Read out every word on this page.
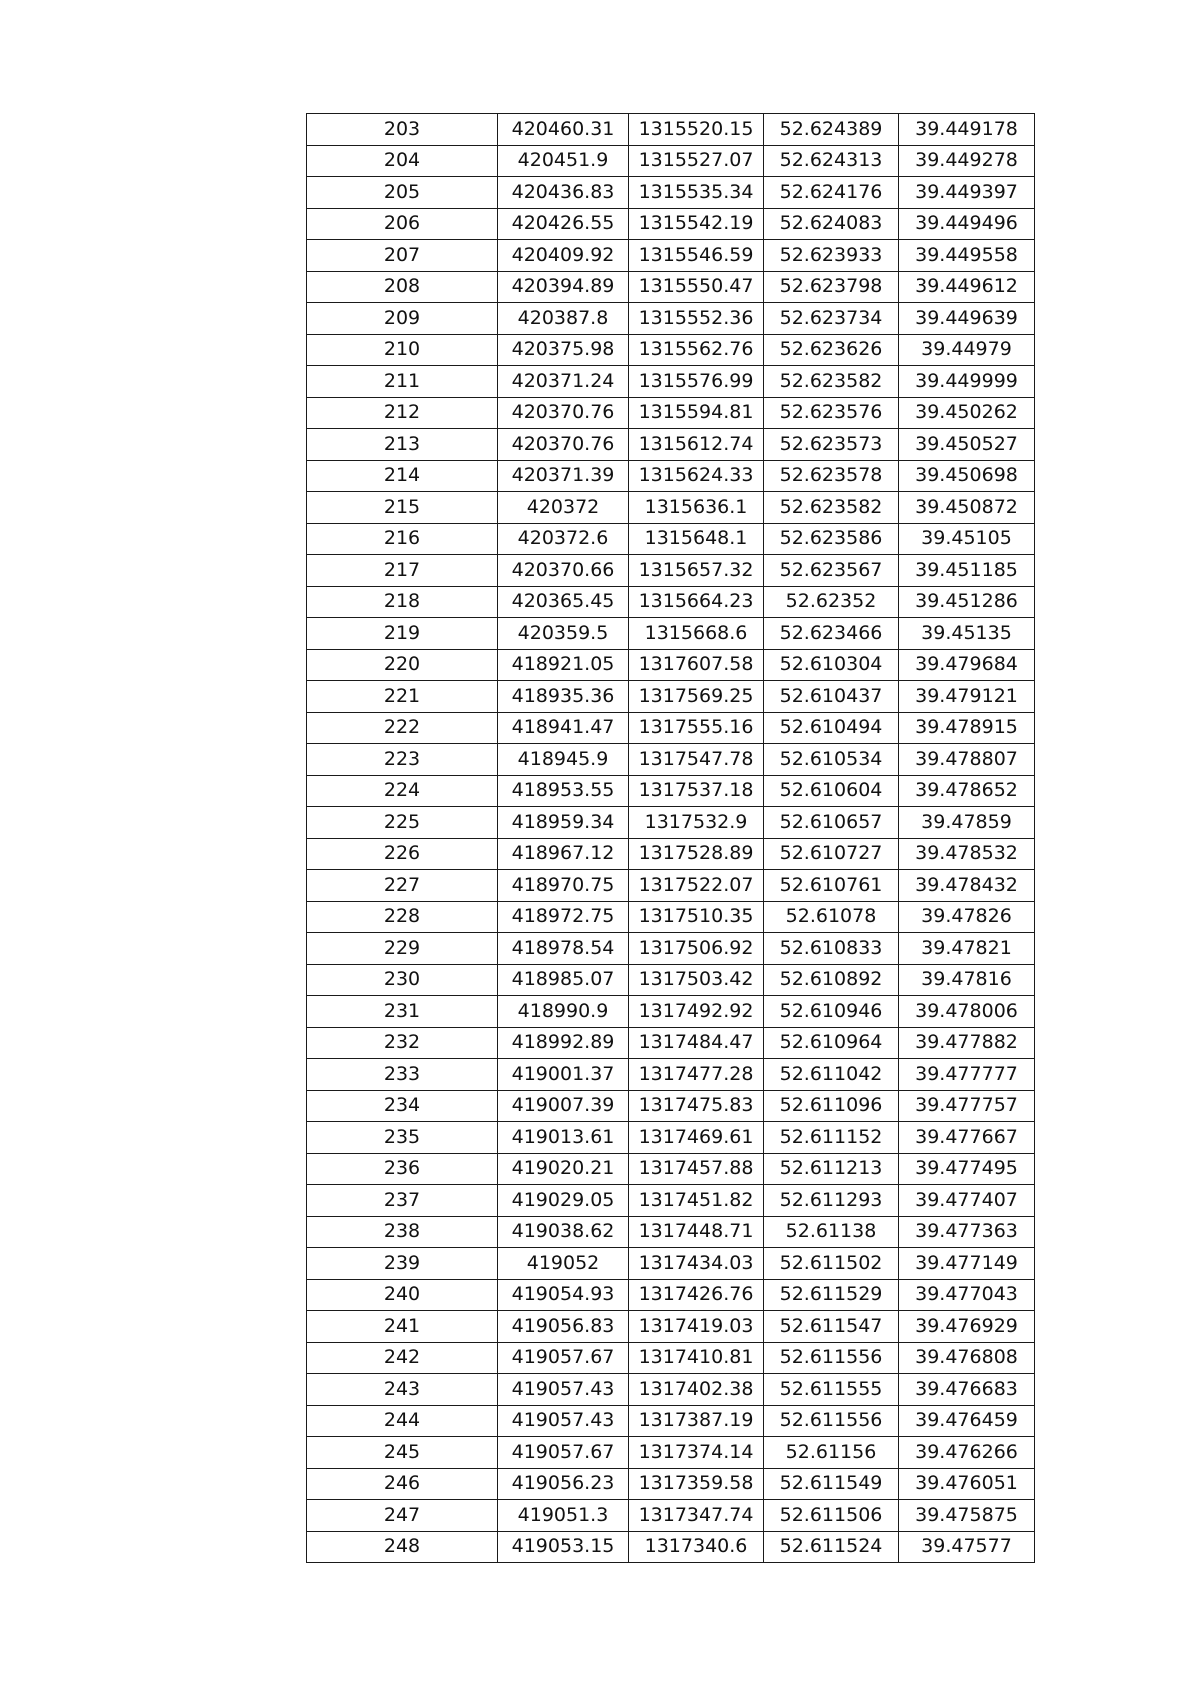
203	420460.31	1315520.15	52.624389	39.449178
204	420451.9	1315527.07	52.624313	39.449278
205	420436.83	1315535.34	52.624176	39.449397
206	420426.55	1315542.19	52.624083	39.449496
207	420409.92	1315546.59	52.623933	39.449558
208	420394.89	1315550.47	52.623798	39.449612
209	420387.8	1315552.36	52.623734	39.449639
210	420375.98	1315562.76	52.623626	39.44979
211	420371.24	1315576.99	52.623582	39.449999
212	420370.76	1315594.81	52.623576	39.450262
213	420370.76	1315612.74	52.623573	39.450527
214	420371.39	1315624.33	52.623578	39.450698
215	420372	1315636.1	52.623582	39.450872
216	420372.6	1315648.1	52.623586	39.45105
217	420370.66	1315657.32	52.623567	39.451185
218	420365.45	1315664.23	52.62352	39.451286
219	420359.5	1315668.6	52.623466	39.45135
220	418921.05	1317607.58	52.610304	39.479684
221	418935.36	1317569.25	52.610437	39.479121
222	418941.47	1317555.16	52.610494	39.478915
223	418945.9	1317547.78	52.610534	39.478807
224	418953.55	1317537.18	52.610604	39.478652
225	418959.34	1317532.9	52.610657	39.47859
226	418967.12	1317528.89	52.610727	39.478532
227	418970.75	1317522.07	52.610761	39.478432
228	418972.75	1317510.35	52.61078	39.47826
229	418978.54	1317506.92	52.610833	39.47821
230	418985.07	1317503.42	52.610892	39.47816
231	418990.9	1317492.92	52.610946	39.478006
232	418992.89	1317484.47	52.610964	39.477882
233	419001.37	1317477.28	52.611042	39.477777
234	419007.39	1317475.83	52.611096	39.477757
235	419013.61	1317469.61	52.611152	39.477667
236	419020.21	1317457.88	52.611213	39.477495
237	419029.05	1317451.82	52.611293	39.477407
238	419038.62	1317448.71	52.61138	39.477363
239	419052	1317434.03	52.611502	39.477149
240	419054.93	1317426.76	52.611529	39.477043
241	419056.83	1317419.03	52.611547	39.476929
242	419057.67	1317410.81	52.611556	39.476808
243	419057.43	1317402.38	52.611555	39.476683
244	419057.43	1317387.19	52.611556	39.476459
245	419057.67	1317374.14	52.61156	39.476266
246	419056.23	1317359.58	52.611549	39.476051
247	419051.3	1317347.74	52.611506	39.475875
248	419053.15	1317340.6	52.611524	39.47577
